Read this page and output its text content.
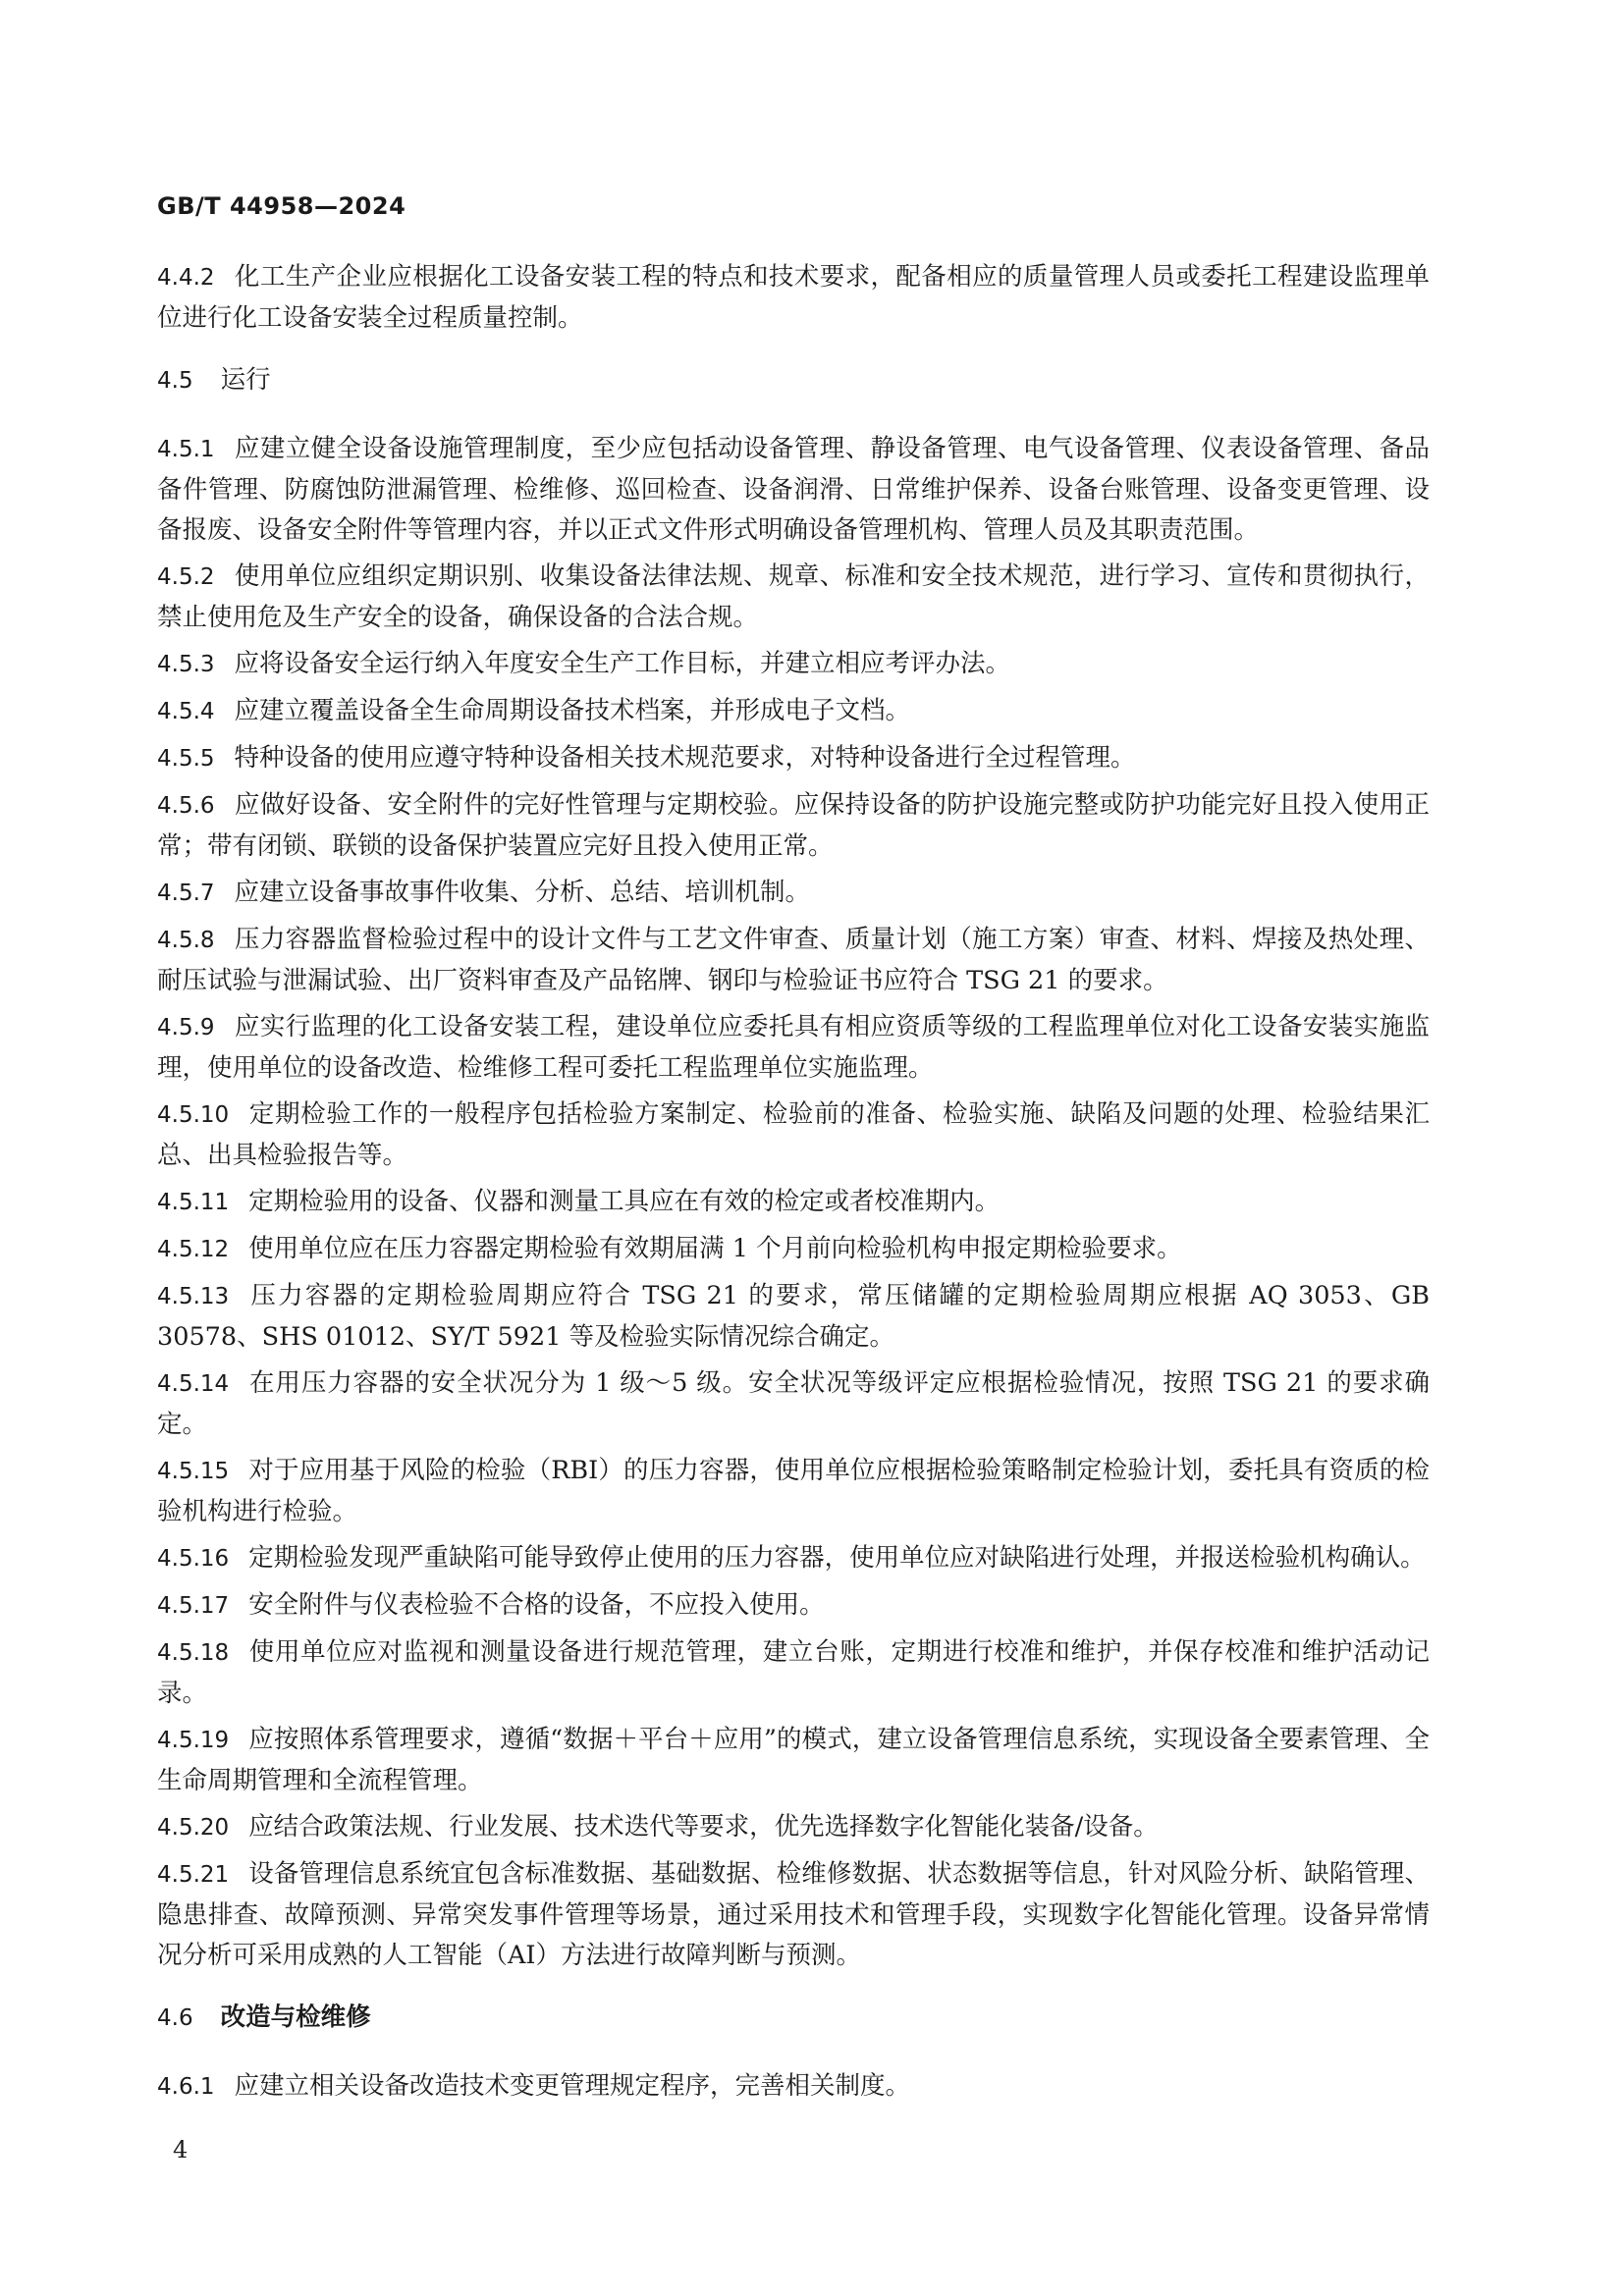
GB/T 44958—2024
4.4.2 化工生产企业应根据化工设备安装工程的特点和技术要求，配备相应的质量管理人员或委托工程建设监理单位进行化工设备安装全过程质量控制。
4.5 运行
4.5.1 应建立健全设备设施管理制度，至少应包括动设备管理、静设备管理、电气设备管理、仪表设备管理、备品备件管理、防腐蚀防泄漏管理、检维修、巡回检查、设备润滑、日常维护保养、设备台账管理、设备变更管理、设备报废、设备安全附件等管理内容，并以正式文件形式明确设备管理机构、管理人员及其职责范围。
4.5.2 使用单位应组织定期识别、收集设备法律法规、规章、标准和安全技术规范，进行学习、宣传和贯彻执行，禁止使用危及生产安全的设备，确保设备的合法合规。
4.5.3 应将设备安全运行纳入年度安全生产工作目标，并建立相应考评办法。
4.5.4 应建立覆盖设备全生命周期设备技术档案，并形成电子文档。
4.5.5 特种设备的使用应遵守特种设备相关技术规范要求，对特种设备进行全过程管理。
4.5.6 应做好设备、安全附件的完好性管理与定期校验。应保持设备的防护设施完整或防护功能完好且投入使用正常；带有闭锁、联锁的设备保护装置应完好且投入使用正常。
4.5.7 应建立设备事故事件收集、分析、总结、培训机制。
4.5.8 压力容器监督检验过程中的设计文件与工艺文件审查、质量计划（施工方案）审查、材料、焊接及热处理、耐压试验与泄漏试验、出厂资料审查及产品铭牌、钢印与检验证书应符合 TSG 21 的要求。
4.5.9 应实行监理的化工设备安装工程，建设单位应委托具有相应资质等级的工程监理单位对化工设备安装实施监理，使用单位的设备改造、检维修工程可委托工程监理单位实施监理。
4.5.10 定期检验工作的一般程序包括检验方案制定、检验前的准备、检验实施、缺陷及问题的处理、检验结果汇总、出具检验报告等。
4.5.11 定期检验用的设备、仪器和测量工具应在有效的检定或者校准期内。
4.5.12 使用单位应在压力容器定期检验有效期届满 1 个月前向检验机构申报定期检验要求。
4.5.13 压力容器的定期检验周期应符合 TSG 21 的要求，常压储罐的定期检验周期应根据 AQ 3053、GB 30578、SHS 01012、SY/T 5921 等及检验实际情况综合确定。
4.5.14 在用压力容器的安全状况分为 1 级～5 级。安全状况等级评定应根据检验情况，按照 TSG 21 的要求确定。
4.5.15 对于应用基于风险的检验（RBI）的压力容器，使用单位应根据检验策略制定检验计划，委托具有资质的检验机构进行检验。
4.5.16 定期检验发现严重缺陷可能导致停止使用的压力容器，使用单位应对缺陷进行处理，并报送检验机构确认。
4.5.17 安全附件与仪表检验不合格的设备，不应投入使用。
4.5.18 使用单位应对监视和测量设备进行规范管理，建立台账，定期进行校准和维护，并保存校准和维护活动记录。
4.5.19 应按照体系管理要求，遵循“数据＋平台＋应用”的模式，建立设备管理信息系统，实现设备全要素管理、全生命周期管理和全流程管理。
4.5.20 应结合政策法规、行业发展、技术迭代等要求，优先选择数字化智能化装备/设备。
4.5.21 设备管理信息系统宜包含标准数据、基础数据、检维修数据、状态数据等信息，针对风险分析、缺陷管理、隐患排查、故障预测、异常突发事件管理等场景，通过采用技术和管理手段，实现数字化智能化管理。设备异常情况分析可采用成熟的人工智能（AI）方法进行故障判断与预测。
4.6 改造与检维修
4.6.1 应建立相关设备改造技术变更管理规定程序，完善相关制度。
4
